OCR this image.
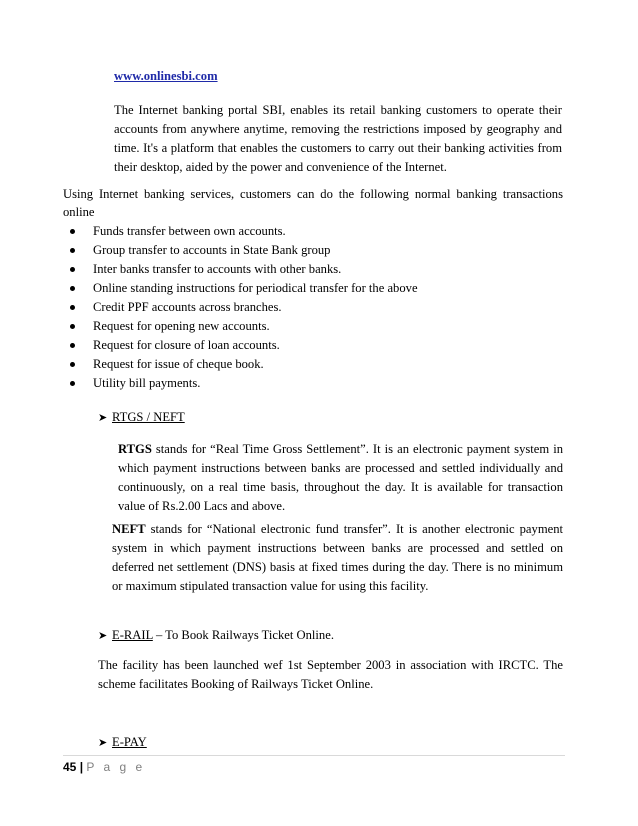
www.onlinesbi.com
The Internet banking portal SBI, enables its retail banking customers to operate their
accounts from anywhere anytime, removing the restrictions imposed by geography and
time. It's a platform that enables the customers to carry out their banking activities from
their desktop, aided by the power and convenience of the Internet.
Using Internet banking services, customers can do the following normal banking transactions
online
Funds transfer between own accounts.
Group transfer to accounts in State Bank group
Inter banks transfer to accounts with other banks.
Online standing instructions for periodical transfer for the above
Credit PPF accounts across branches.
Request for opening new accounts.
Request for closure of loan accounts.
Request for issue of cheque book.
Utility bill payments.
➤ RTGS / NEFT
RTGS stands for “Real Time Gross Settlement”. It is an electronic payment system in
which payment instructions between banks are processed and settled individually and
continuously, on a real time basis, throughout the day. It is available for transaction
value of Rs.2.00 Lacs and above.
NEFT stands for “National electronic fund transfer”. It is another electronic payment
system in which payment instructions between banks are processed and settled on
deferred net settlement (DNS) basis at fixed times during the day. There is no minimum
or maximum stipulated transaction value for using this facility.
➤ E-RAIL – To Book Railways Ticket Online.
The facility has been launched wef 1st September 2003 in association with IRCTC. The
scheme facilitates Booking of Railways Ticket Online.
➤ E-PAY
45 | P a g e
